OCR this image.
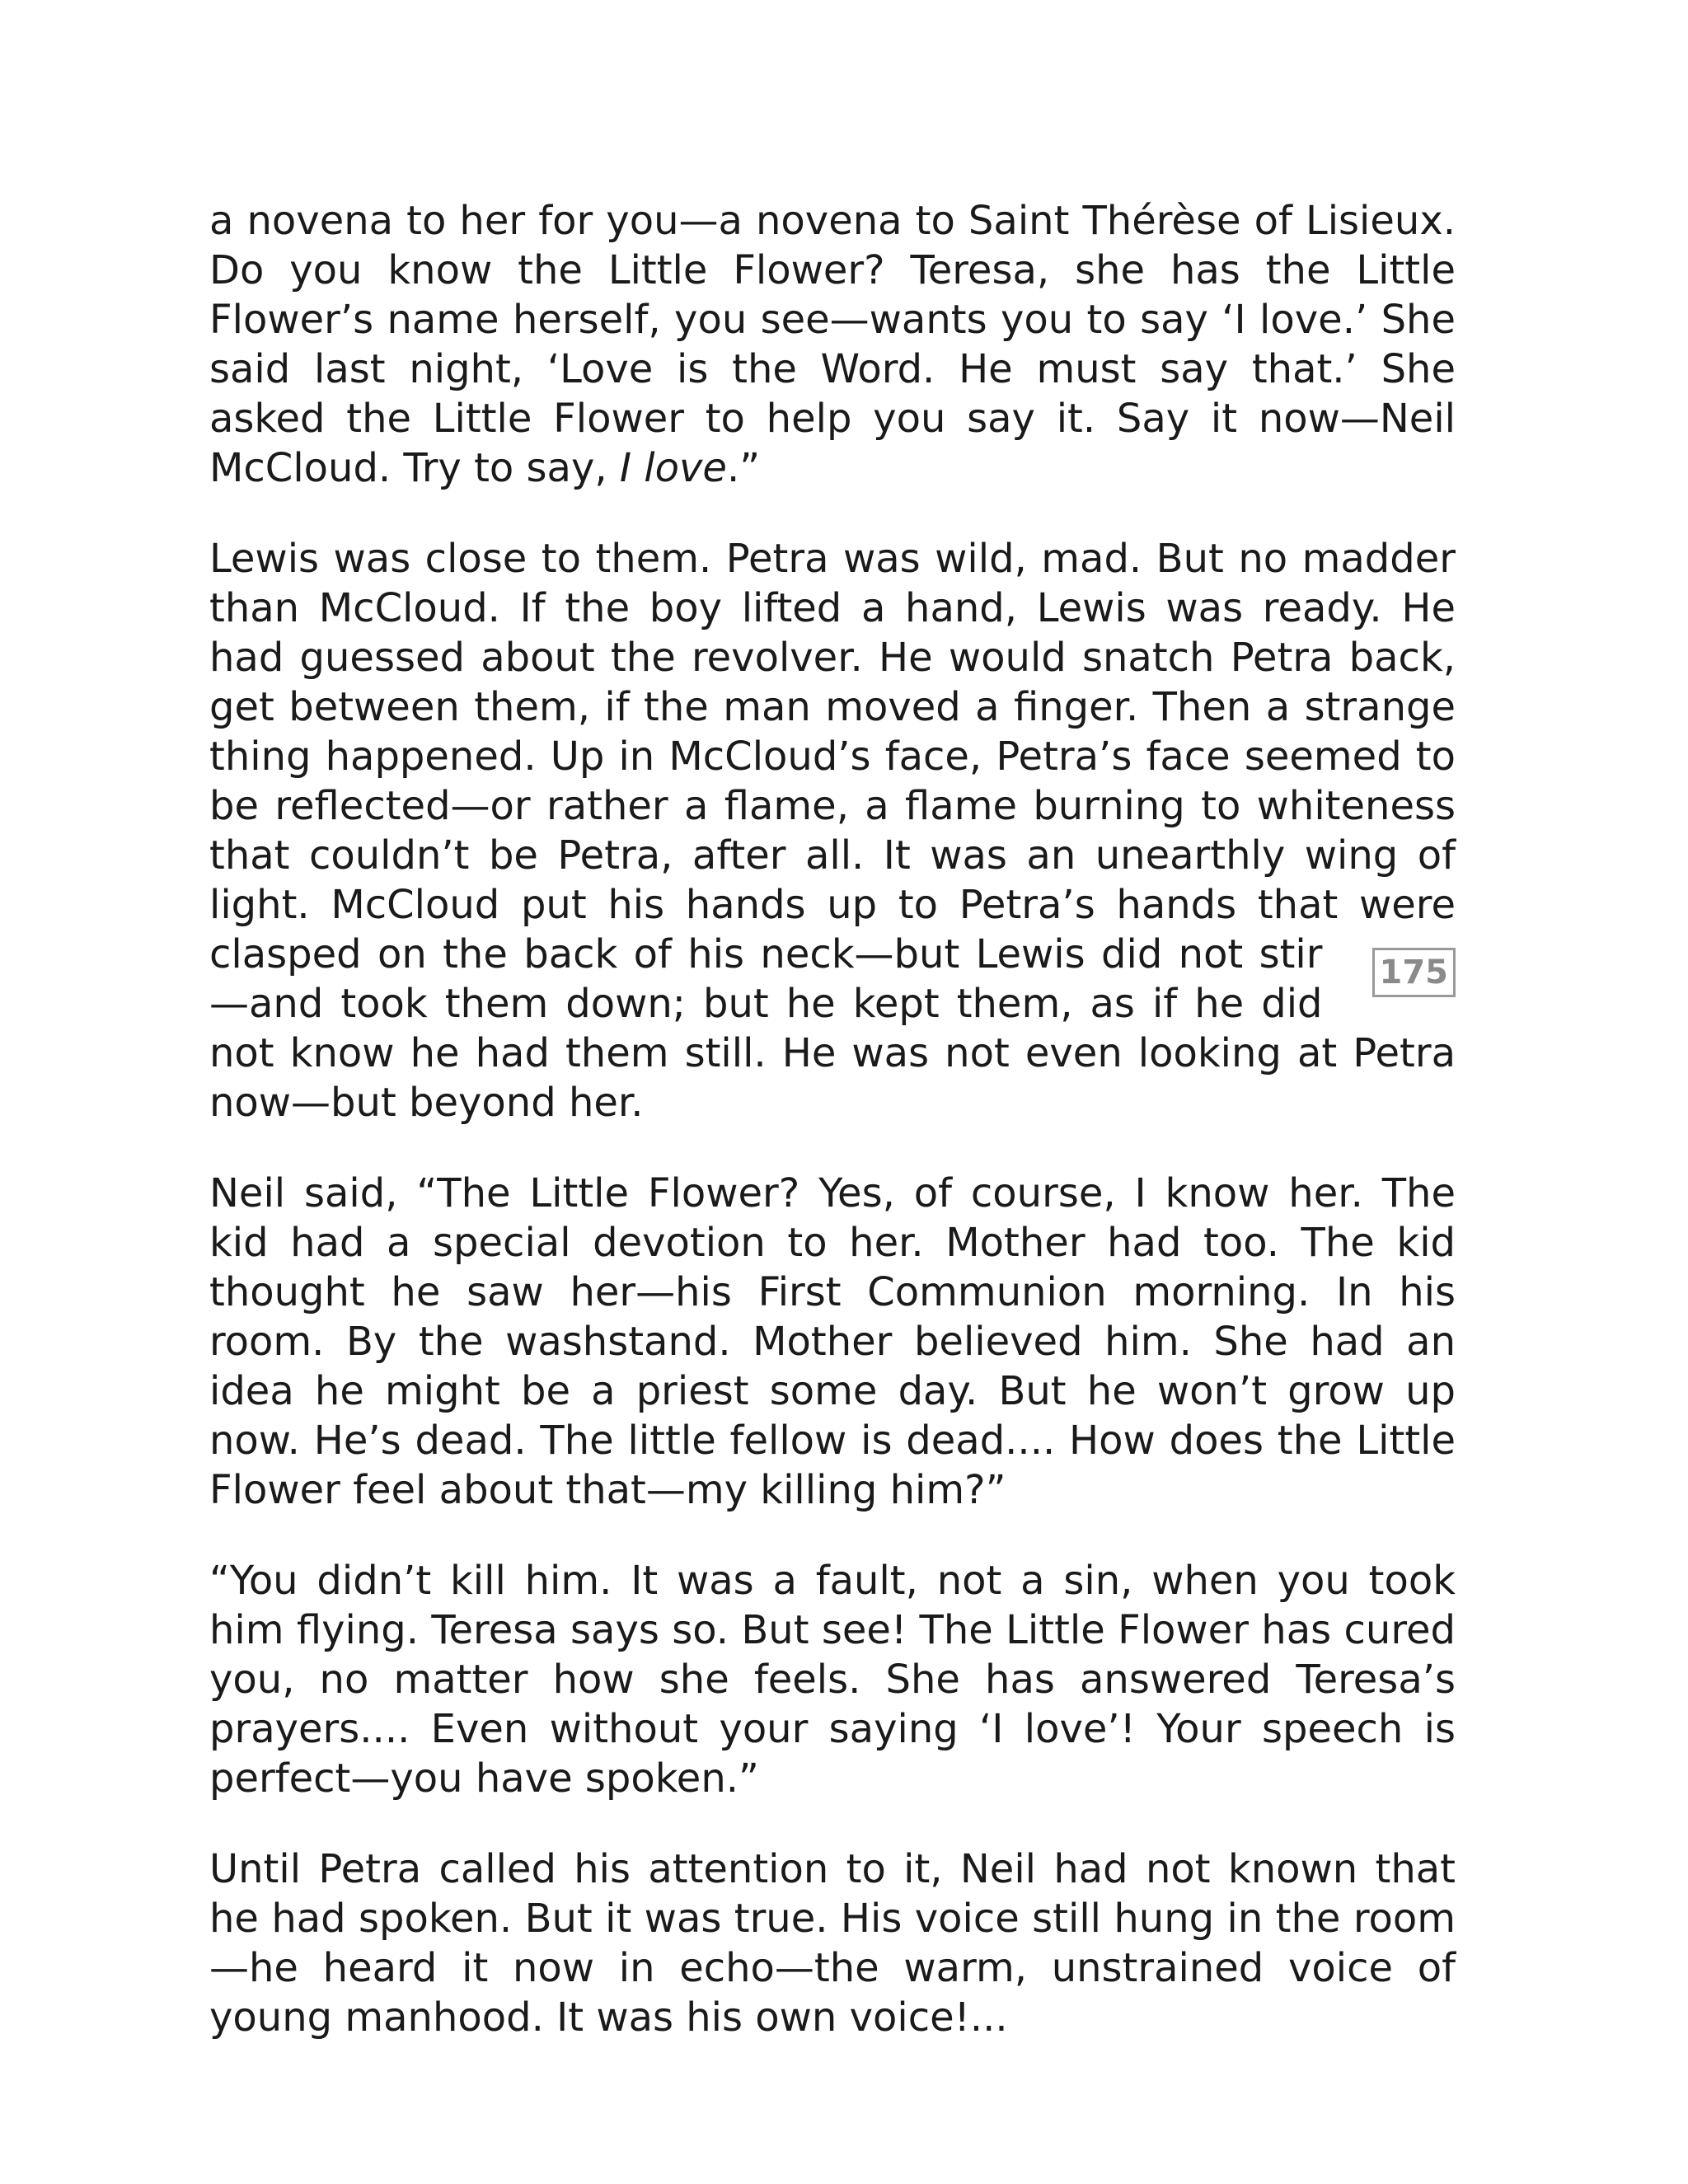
a novena to her for you—a novena to Saint Thérèse of Lisieux. Do you know the Little Flower? Teresa, she has the Little Flower’s name herself, you see—wants you to say ‘I love.’ She said last night, ‘Love is the Word. He must say that.’ She asked the Little Flower to help you say it. Say it now—Neil McCloud. Try to say, I love.”

Lewis was close to them. Petra was wild, mad. But no madder than McCloud. If the boy lifted a hand, Lewis was ready. He had guessed about the revolver. He would snatch Petra back, get between them, if the man moved a finger. Then a strange thing happened. Up in McCloud’s face, Petra’s face seemed to be reflected—or rather a flame, a flame burning to whiteness that couldn’t be Petra, after all. It was an unearthly wing of light. McCloud put his hands up to Petra’s hands that were clasped on the back of his neck—but Lewis	175
did not stir—and took them down; but he kept them, as if he did not know he had them still. He was not even looking at Petra now—but beyond her.

Neil said, “The Little Flower? Yes, of course, I know her. The kid had a special devotion to her. Mother had too. The kid thought he saw her—his First Communion morning. In his room. By the washstand. Mother believed him. She had an idea he might be a priest some day. But he won’t grow up now. He’s dead. The little fellow is dead.... How does the Little Flower feel about that—my killing him?”

“You didn’t kill him. It was a fault, not a sin, when you took him flying. Teresa says so. But see! The Little Flower has cured you, no matter how she feels. She has answered Teresa’s prayers.... Even without your saying ‘I love’! Your speech is perfect—you have spoken.”

Until Petra called his attention to it, Neil had not known that he had spoken. But it was true. His voice still hung in the room—he heard it now in echo—the warm, unstrained voice of young manhood. It was his own voice!...
